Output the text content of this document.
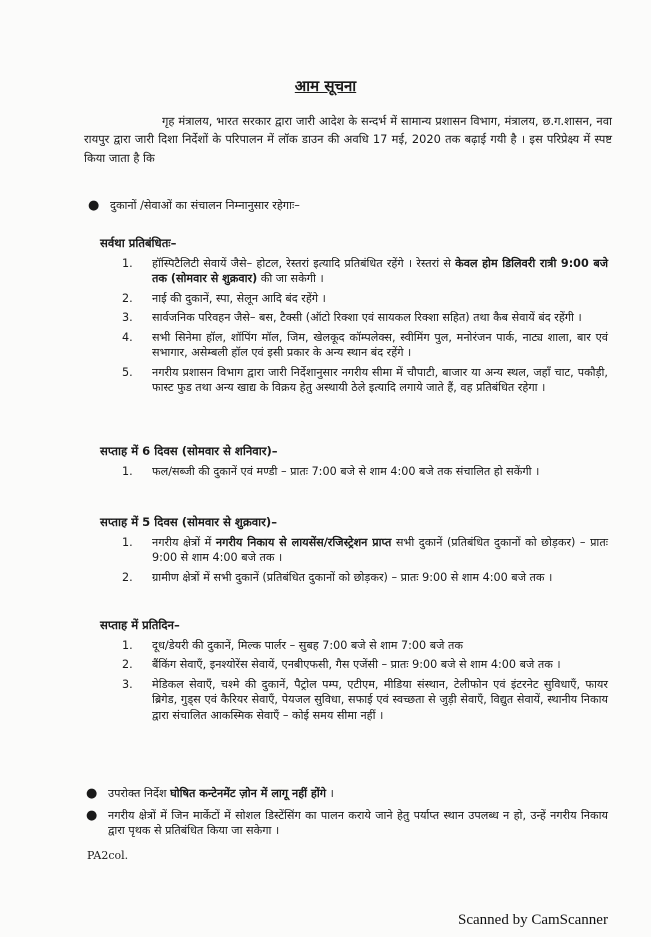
आम सूचना
गृह मंत्रालय, भारत सरकार द्वारा जारी आदेश के सन्दर्भ में सामान्य प्रशासन विभाग, मंत्रालय, छ.ग.शासन, नवा रायपुर द्वारा जारी दिशा निर्देशों के परिपालन में लॉक डाउन की अवधि 17 मई, 2020 तक बढ़ाई गयी है । इस परिप्रेक्ष्य में स्पष्ट किया जाता है कि
● दुकानों /सेवाओं का संचालन निम्नानुसार रहेगाः–
सर्वथा प्रतिबंधितः–
1.	हॉस्पिटैलिटी सेवायें जैसे– होटल, रेस्तरां इत्यादि प्रतिबंधित रहेंगे । रेस्तरां से केवल होम डिलिवरी रात्री 9:00 बजे तक (सोमवार से शुक्रवार) की जा सकेगी ।
2.	नाई की दुकानें, स्पा, सेलून आदि बंद रहेंगे ।
3.	सार्वजनिक परिवहन जैसे– बस, टैक्सी (ऑटो रिक्शा एवं सायकल रिक्शा सहित) तथा कैब सेवायें बंद रहेंगी ।
4.	सभी सिनेमा हॉल, शॉपिंग मॉल, जिम, खेलकूद कॉम्पलेक्स, स्वीमिंग पुल, मनोरंजन पार्क, नाट्य शाला, बार एवं सभागार, असेम्बली हॉल एवं इसी प्रकार के अन्य स्थान बंद रहेंगे ।
5.	नगरीय प्रशासन विभाग द्वारा जारी निर्देशानुसार नगरीय सीमा में चौपाटी, बाजार या अन्य स्थल, जहाँ चाट, पकौड़ी, फास्ट फुड तथा अन्य खाद्य के विक्रय हेतु अस्थायी ठेले इत्यादि लगाये जाते हैं, वह प्रतिबंधित रहेगा ।
सप्ताह में 6 दिवस (सोमवार से शनिवार)–
1.	फल/सब्जी की दुकानें एवं मण्डी – प्रातः 7:00 बजे से शाम 4:00 बजे तक संचालित हो सकेंगी ।
सप्ताह में 5 दिवस (सोमवार से शुक्रवार)–
1.	नगरीय क्षेत्रों में नगरीय निकाय से लायसेंस/रजिस्ट्रेशन प्राप्त सभी दुकानें (प्रतिबंधित दुकानों को छोड़कर) – प्रातः 9:00 से शाम 4:00 बजे तक ।
2.	ग्रामीण क्षेत्रों में सभी दुकानें (प्रतिबंधित दुकानों को छोड़कर) – प्रातः 9:00 से शाम 4:00 बजे तक ।
सप्ताह में प्रतिदिन–
1.	दूध/डेयरी की दुकानें, मिल्क पार्लर – सुबह 7:00 बजे से शाम 7:00 बजे तक
2.	बैंकिंग सेवाएँ, इनश्योरेंस सेवायें, एनबीएफसी, गैस एजेंसी – प्रातः 9:00 बजे से शाम 4:00 बजे तक ।
3.	मेडिकल सेवाएँ, चश्मे की दुकानें, पैट्रोल पम्प, एटीएम, मीडिया संस्थान, टेलीफोन एवं इंटरनेट सुविधाएँ, फायर ब्रिगेड, गुड्स एवं कैरियर सेवाएँ, पेयजल सुविधा, सफाई एवं स्वच्छता से जुड़ी सेवाएँ, विद्युत सेवायें, स्थानीय निकाय द्वारा संचालित आकस्मिक सेवाएँ – कोई समय सीमा नहीं ।
● उपरोक्त निर्देश घोषित कन्टेनमेंट ज़ोन में लागू नहीं होंगे ।
● नगरीय क्षेत्रों में जिन मार्केटों में सोशल डिस्टेंसिंग का पालन कराये जाने हेतु पर्याप्त स्थान उपलब्ध न हो, उन्हें नगरीय निकाय द्वारा पृथक से प्रतिबंधित किया जा सकेगा ।
PA2col.
Scanned by CamScanner
